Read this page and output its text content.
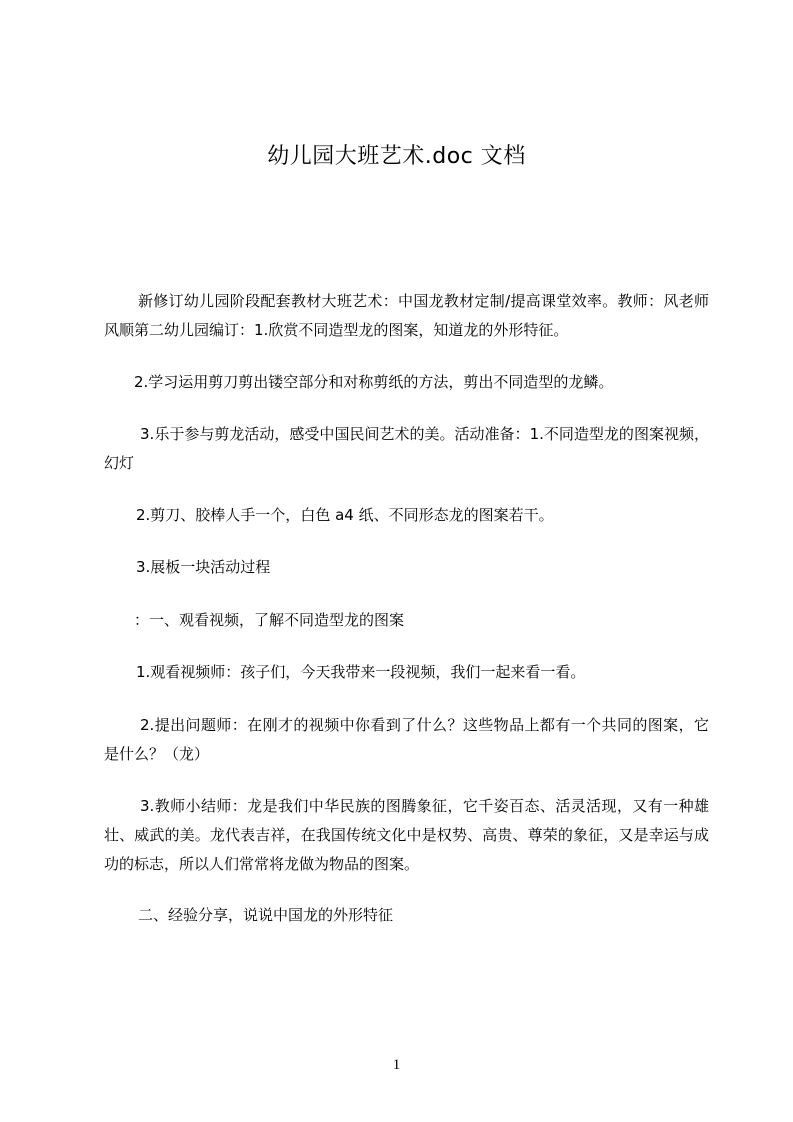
幼儿园大班艺术.doc 文档
新修订幼儿园阶段配套教材大班艺术：中国龙教材定制/提高课堂效率。教师：风老师风顺第二幼儿园编订：1.欣赏不同造型龙的图案，知道龙的外形特征。
2.学习运用剪刀剪出镂空部分和对称剪纸的方法，剪出不同造型的龙鳞。
3.乐于参与剪龙活动，感受中国民间艺术的美。活动准备：1.不同造型龙的图案视频，幻灯
2.剪刀、胶棒人手一个，白色 a4 纸、不同形态龙的图案若干。
3.展板一块活动过程
：一、观看视频，了解不同造型龙的图案
1.观看视频师：孩子们，今天我带来一段视频，我们一起来看一看。
2.提出问题师：在刚才的视频中你看到了什么？这些物品上都有一个共同的图案，它是什么？（龙）
3.教师小结师：龙是我们中华民族的图腾象征，它千姿百态、活灵活现，又有一种雄壮、威武的美。龙代表吉祥，在我国传统文化中是权势、高贵、尊荣的象征，又是幸运与成功的标志，所以人们常常将龙做为物品的图案。
二、经验分享，说说中国龙的外形特征
1
